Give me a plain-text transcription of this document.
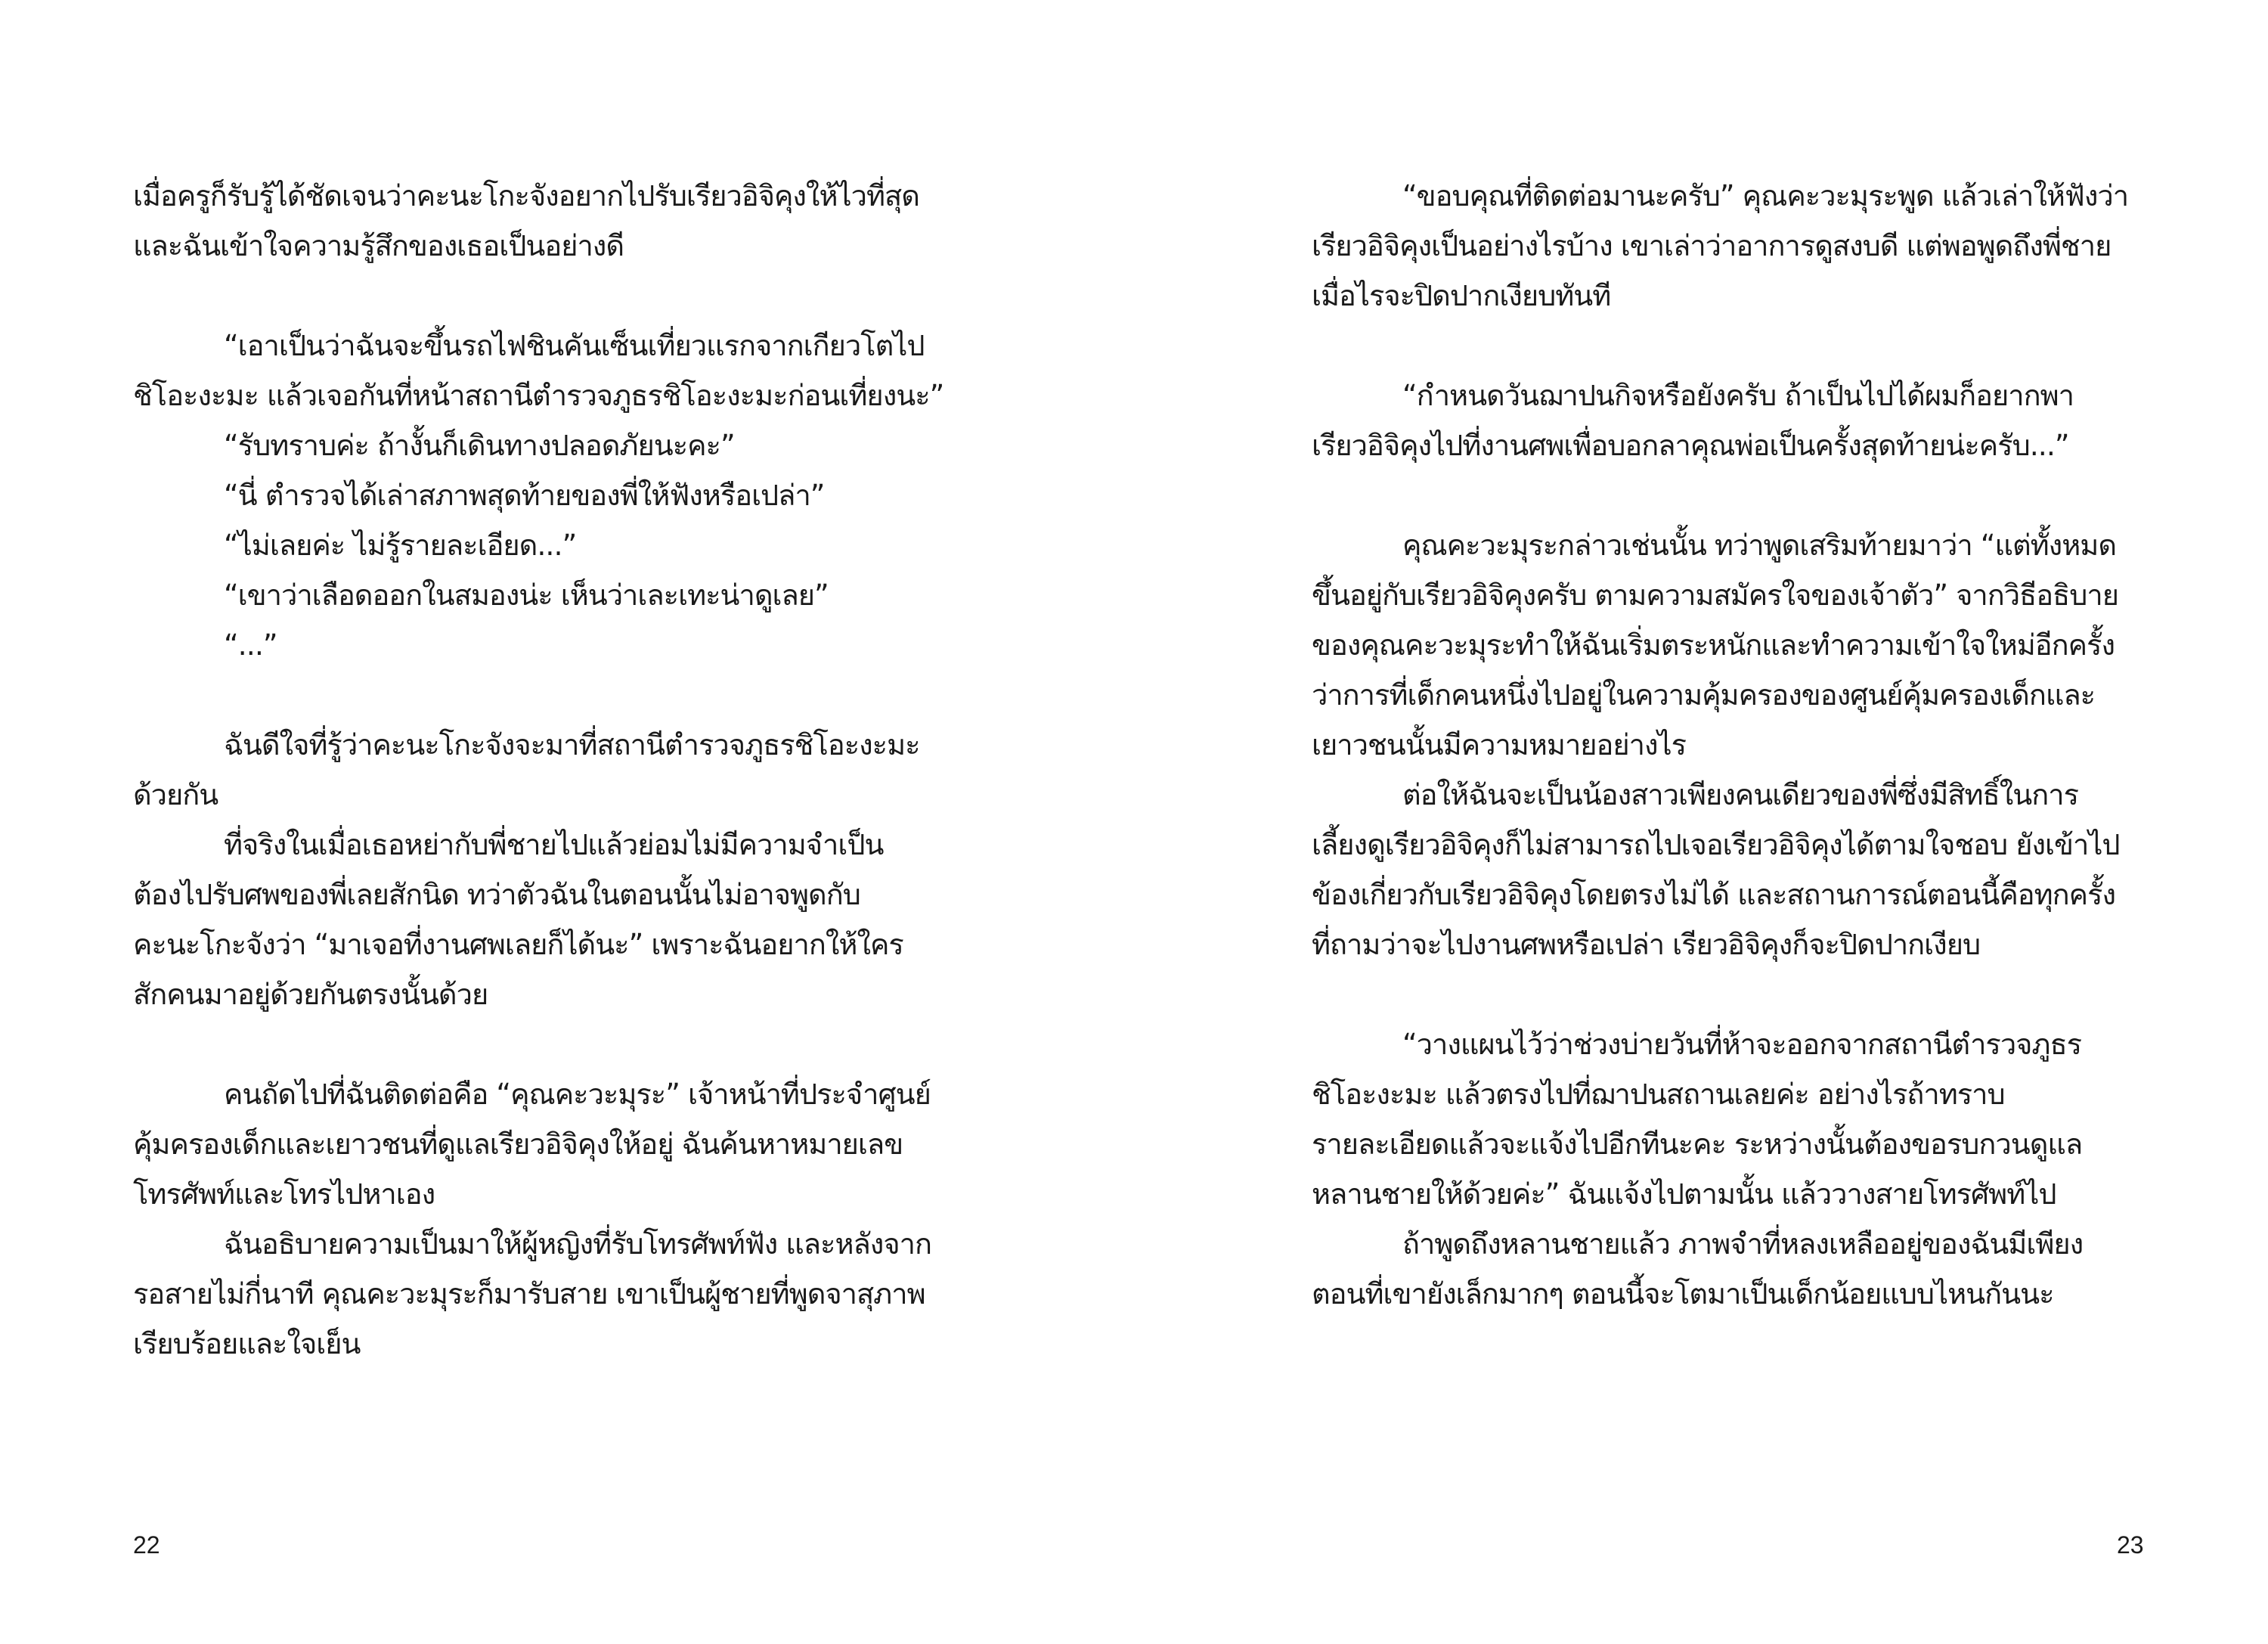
เมื่อครูก็รับรู้ได้ชัดเจนว่าคะนะโกะจังอยากไปรับเรียวอิจิคุงให้ไวที่สุด
และฉันเข้าใจความรู้สึกของเธอเป็นอย่างดี
“เอาเป็นว่าฉันจะขึ้นรถไฟชินคันเซ็นเที่ยวแรกจากเกียวโตไป
ชิโอะงะมะ แล้วเจอกันที่หน้าสถานีตำรวจภูธรชิโอะงะมะก่อนเที่ยงนะ”
“รับทราบค่ะ ถ้างั้นก็เดินทางปลอดภัยนะคะ”
“นี่ ตำรวจได้เล่าสภาพสุดท้ายของพี่ให้ฟังหรือเปล่า”
“ไม่เลยค่ะ ไม่รู้รายละเอียด...”
“เขาว่าเลือดออกในสมองน่ะ เห็นว่าเละเทะน่าดูเลย”
“...”
ฉันดีใจที่รู้ว่าคะนะโกะจังจะมาที่สถานีตำรวจภูธรชิโอะงะมะ
ด้วยกัน
ที่จริงในเมื่อเธอหย่ากับพี่ชายไปแล้วย่อมไม่มีความจำเป็น
ต้องไปรับศพของพี่เลยสักนิด ทว่าตัวฉันในตอนนั้นไม่อาจพูดกับ
คะนะโกะจังว่า “มาเจอที่งานศพเลยก็ได้นะ” เพราะฉันอยากให้ใคร
สักคนมาอยู่ด้วยกันตรงนั้นด้วย
คนถัดไปที่ฉันติดต่อคือ “คุณคะวะมุระ” เจ้าหน้าที่ประจำศูนย์
คุ้มครองเด็กและเยาวชนที่ดูแลเรียวอิจิคุงให้อยู่ ฉันค้นหาหมายเลข
โทรศัพท์และโทรไปหาเอง
ฉันอธิบายความเป็นมาให้ผู้หญิงที่รับโทรศัพท์ฟัง และหลังจาก
รอสายไม่กี่นาที คุณคะวะมุระก็มารับสาย เขาเป็นผู้ชายที่พูดจาสุภาพ
เรียบร้อยและใจเย็น
22
“ขอบคุณที่ติดต่อมานะครับ” คุณคะวะมุระพูด แล้วเล่าให้ฟังว่า
เรียวอิจิคุงเป็นอย่างไรบ้าง เขาเล่าว่าอาการดูสงบดี แต่พอพูดถึงพี่ชาย
เมื่อไรจะปิดปากเงียบทันที
“กำหนดวันฌาปนกิจหรือยังครับ ถ้าเป็นไปได้ผมก็อยากพา
เรียวอิจิคุงไปที่งานศพเพื่อบอกลาคุณพ่อเป็นครั้งสุดท้ายน่ะครับ...”
คุณคะวะมุระกล่าวเช่นนั้น ทว่าพูดเสริมท้ายมาว่า “แต่ทั้งหมด
ขึ้นอยู่กับเรียวอิจิคุงครับ ตามความสมัครใจของเจ้าตัว” จากวิธีอธิบาย
ของคุณคะวะมุระทำให้ฉันเริ่มตระหนักและทำความเข้าใจใหม่อีกครั้ง
ว่าการที่เด็กคนหนึ่งไปอยู่ในความคุ้มครองของศูนย์คุ้มครองเด็กและ
เยาวชนนั้นมีความหมายอย่างไร
ต่อให้ฉันจะเป็นน้องสาวเพียงคนเดียวของพี่ซึ่งมีสิทธิ์ในการ
เลี้ยงดูเรียวอิจิคุงก็ไม่สามารถไปเจอเรียวอิจิคุงได้ตามใจชอบ ยังเข้าไป
ข้องเกี่ยวกับเรียวอิจิคุงโดยตรงไม่ได้ และสถานการณ์ตอนนี้คือทุกครั้ง
ที่ถามว่าจะไปงานศพหรือเปล่า เรียวอิจิคุงก็จะปิดปากเงียบ
“วางแผนไว้ว่าช่วงบ่ายวันที่ห้าจะออกจากสถานีตำรวจภูธร
ชิโอะงะมะ แล้วตรงไปที่ฌาปนสถานเลยค่ะ อย่างไรถ้าทราบ
รายละเอียดแล้วจะแจ้งไปอีกทีนะคะ ระหว่างนั้นต้องขอรบกวนดูแล
หลานชายให้ด้วยค่ะ” ฉันแจ้งไปตามนั้น แล้ววางสายโทรศัพท์ไป
ถ้าพูดถึงหลานชายแล้ว ภาพจำที่หลงเหลืออยู่ของฉันมีเพียง
ตอนที่เขายังเล็กมากๆ ตอนนี้จะโตมาเป็นเด็กน้อยแบบไหนกันนะ
23
